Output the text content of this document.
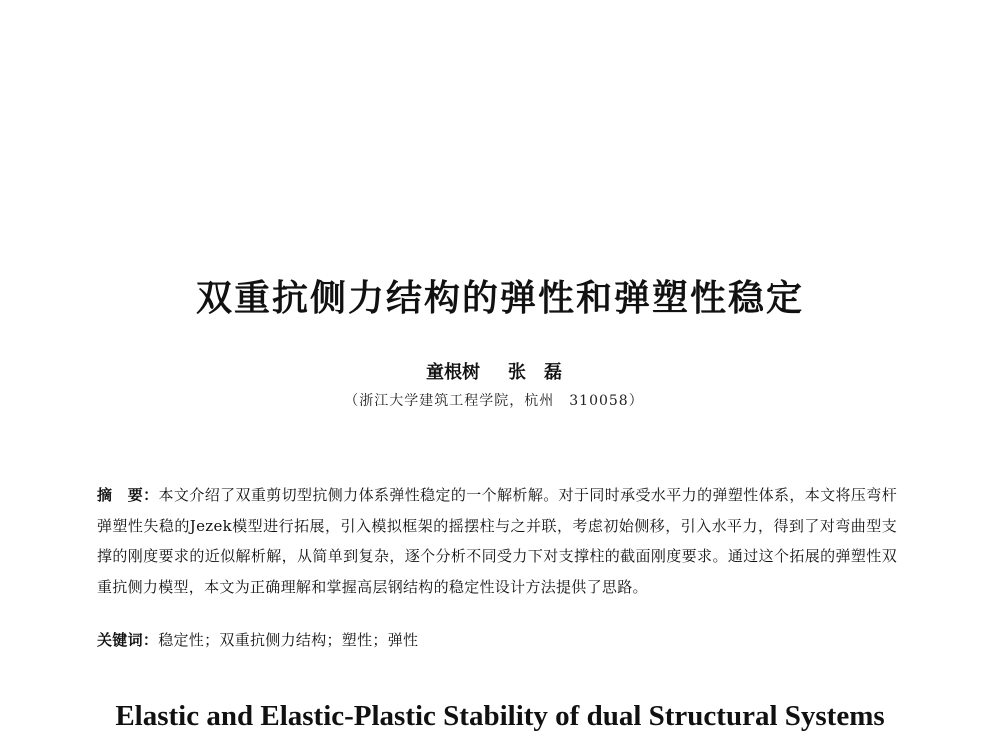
双重抗侧力结构的弹性和弹塑性稳定
童根树 张　磊
（浙江大学建筑工程学院，杭州　310058）
摘　要：本文介绍了双重剪切型抗侧力体系弹性稳定的一个解析解。对于同时承受水平力的弹塑性体系，本文将压弯杆弹塑性失稳的Jezek模型进行拓展，引入模拟框架的摇摆柱与之并联，考虑初始侧移，引入水平力，得到了对弯曲型支撑的刚度要求的近似解析解，从简单到复杂，逐个分析不同受力下对支撑柱的截面刚度要求。通过这个拓展的弹塑性双重抗侧力模型，本文为正确理解和掌握高层钢结构的稳定性设计方法提供了思路。
关键词：稳定性；双重抗侧力结构；塑性；弹性
Elastic and Elastic-Plastic Stability of dual Structural Systems
